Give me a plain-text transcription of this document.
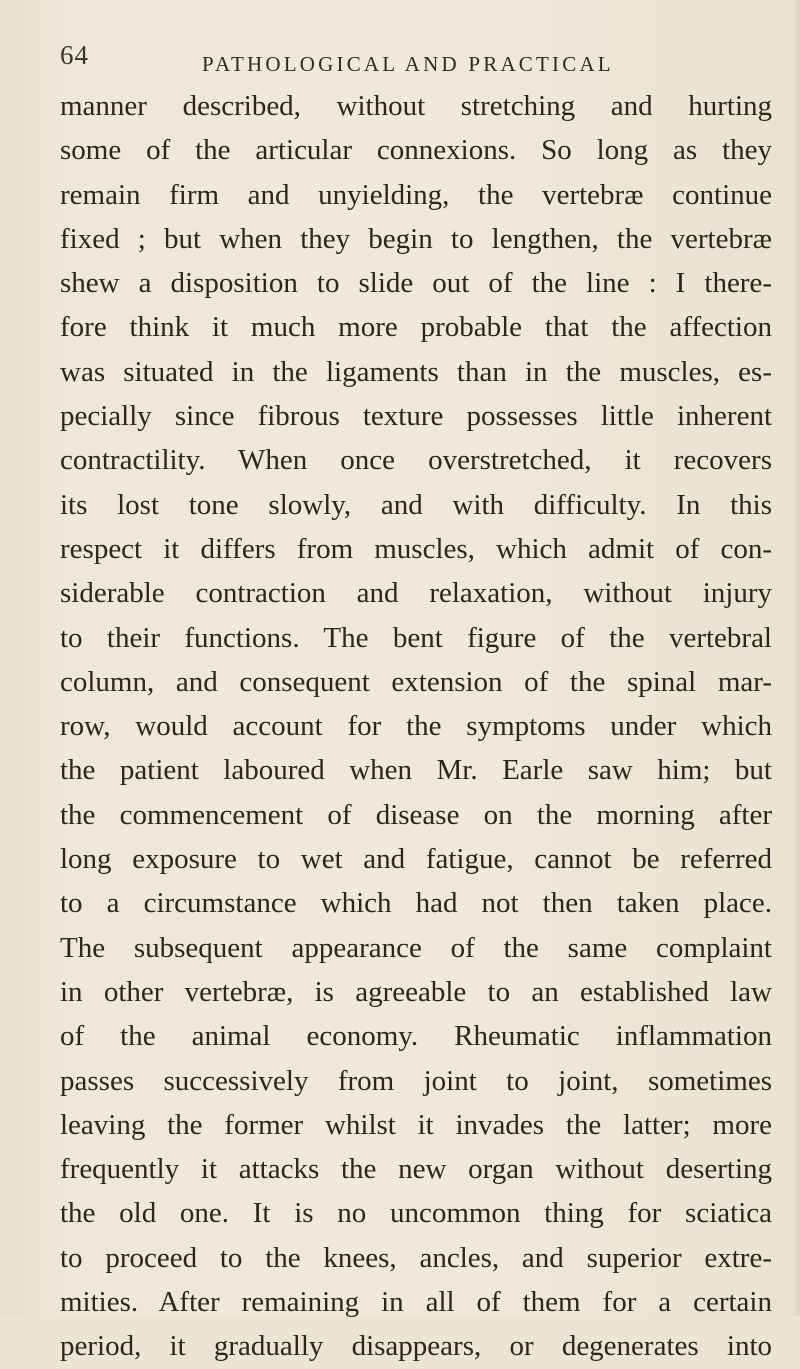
64	PATHOLOGICAL AND PRACTICAL
manner described, without stretching and hurting
some of the articular connexions. So long as they
remain firm and unyielding, the vertebræ continue
fixed ; but when they begin to lengthen, the vertebræ
shew a disposition to slide out of the line : I there-
fore think it much more probable that the affection
was situated in the ligaments than in the muscles, es-
pecially since fibrous texture possesses little inherent
contractility. When once overstretched, it recovers
its lost tone slowly, and with difficulty. In this
respect it differs from muscles, which admit of con-
siderable contraction and relaxation, without injury
to their functions. The bent figure of the vertebral
column, and consequent extension of the spinal mar-
row, would account for the symptoms under which
the patient laboured when Mr. Earle saw him; but
the commencement of disease on the morning after
long exposure to wet and fatigue, cannot be referred
to a circumstance which had not then taken place.
The subsequent appearance of the same complaint
in other vertebræ, is agreeable to an established law
of the animal economy. Rheumatic inflammation
passes successively from joint to joint, sometimes
leaving the former whilst it invades the latter; more
frequently it attacks the new organ without deserting
the old one. It is no uncommon thing for sciatica
to proceed to the knees, ancles, and superior extre-
mities. After remaining in all of them for a certain
period, it gradually disappears, or degenerates into
